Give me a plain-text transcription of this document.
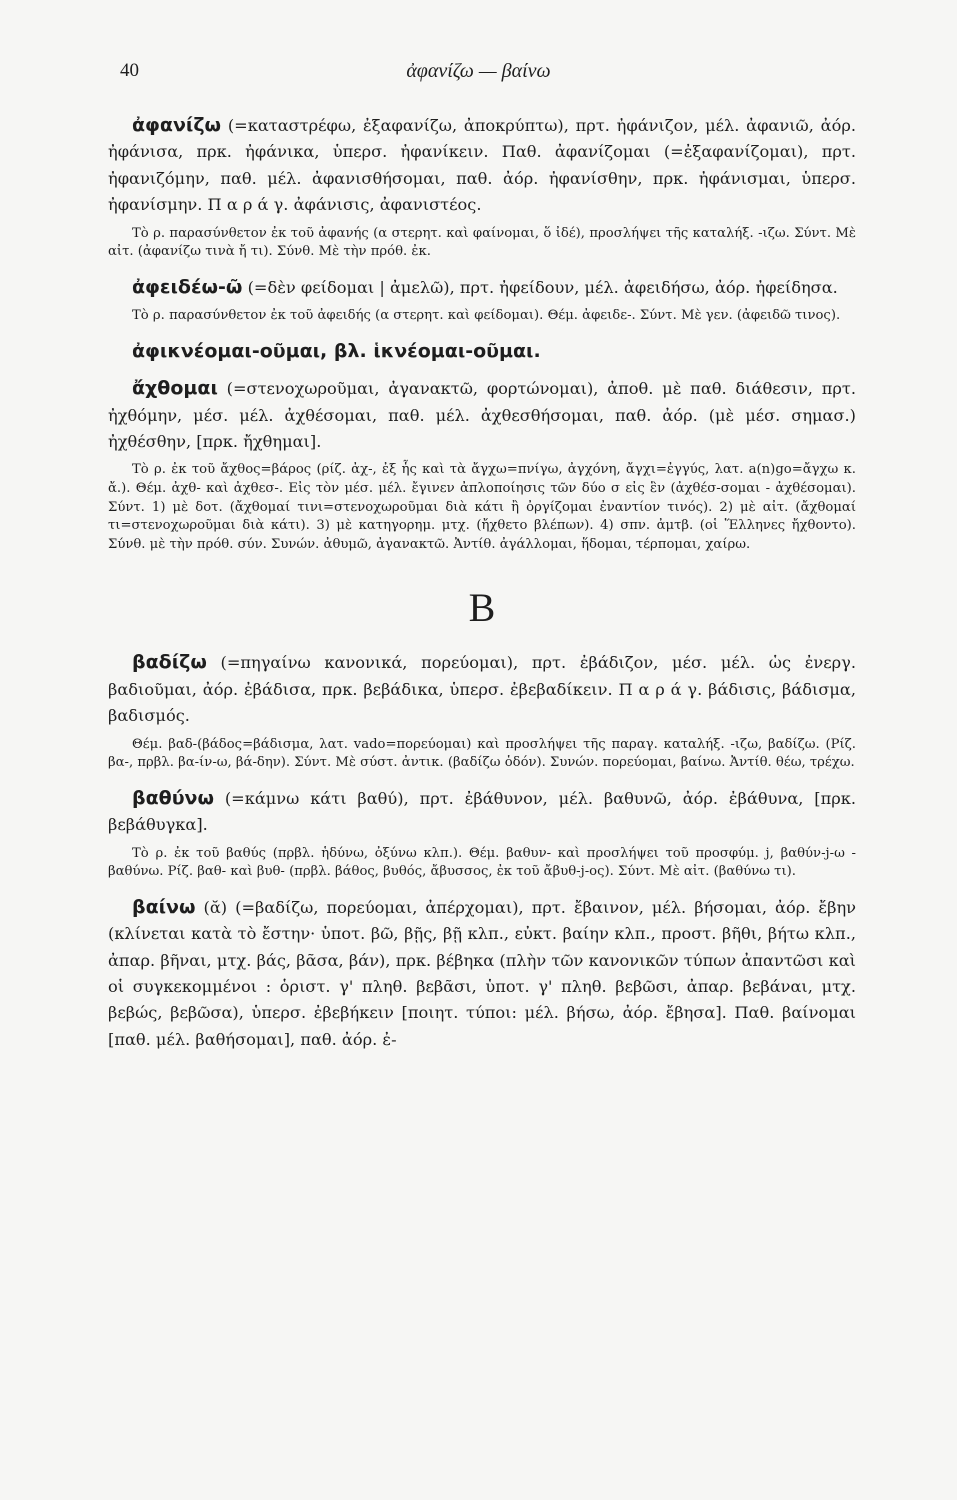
40	ἀφανίζω — βαίνω

ἀφανίζω (=καταστρέφω, ἐξαφανίζω, ἀποκρύπτω), πρτ. ἠφάνιζον, μέλ. ἀφανιῶ, ἀόρ. ἠφάνισα, πρκ. ἠφάνικα, ὑπερσ. ἠφανίκειν. Παθ. ἀφανίζομαι (=ἐξαφανίζομαι), πρτ. ἠφανιζόμην, παθ. μέλ. ἀφανισθήσομαι, παθ. ἀόρ. ἠφανίσθην, πρκ. ἠφάνισμαι, ὑπερσ. ἠφανίσμην. Π α ρ ά γ. ἀφάνισις, ἀφανιστέος.

Τὸ ρ. παρασύνθετον ἐκ τοῦ ἀφανής (α στερητ. καὶ φαίνομαι, ὅ ἰδέ), προσλήψει τῆς καταλήξ. -ιζω. Σύντ. Μὲ αἰτ. (ἀφανίζω τινὰ ἤ τι). Σύνθ. Μὲ τὴν πρόθ. ἐκ.

ἀφειδέω-ῶ (=δὲν φείδομαι | ἀμελῶ), πρτ. ἠφείδουν, μέλ. ἀφειδήσω, ἀόρ. ἠφείδησα.

Τὸ ρ. παρασύνθετον ἐκ τοῦ ἀφειδής (α στερητ. καὶ φείδομαι). Θέμ. ἀφειδε-. Σύντ. Μὲ γεν. (ἀφειδῶ τινος).

ἀφικνέομαι-οῦμαι, βλ. ἱκνέομαι-οῦμαι.

ἄχθομαι (=στενοχωροῦμαι, ἀγανακτῶ, φορτώνομαι), ἀποθ. μὲ παθ. διάθεσιν, πρτ. ἠχθόμην, μέσ. μέλ. ἀχθέσομαι, παθ. μέλ. ἀχθεσθήσομαι, παθ. ἀόρ. (μὲ μέσ. σημασ.) ἠχθέσθην, [πρκ. ἤχθημαι].

Τὸ ρ. ἐκ τοῦ ἄχθος=βάρος (ρίζ. ἀχ-, ἐξ ἧς καὶ τὰ ἄγχω=πνίγω, ἀγχόνη, ἄγχι=ἐγγύς, λατ. a(n)go=ἄγχω κ. ἄ.). Θέμ. ἀχθ- καὶ ἀχθεσ-. Εἰς τὸν μέσ. μέλ. ἔγινεν ἀπλοποίησις τῶν δύο σ εἰς ἓν (ἀχθέσ-σομαι - ἀχθέσομαι). Σύντ. 1) μὲ δοτ. (ἄχθομαί τινι=στενοχωροῦμαι διὰ κάτι ἢ ὀργίζομαι ἐναντίον τινός). 2) μὲ αἰτ. (ἄχθομαί τι=στενοχωροῦμαι διὰ κάτι). 3) μὲ κατηγορημ. μτχ. (ἤχθετο βλέπων). 4) σπν. ἀμτβ. (οἱ Ἕλληνες ἤχθοντο). Σύνθ. μὲ τὴν πρόθ. σύν. Συνών. ἀθυμῶ, ἀγανακτῶ. Ἀντίθ. ἀγάλλομαι, ἥδομαι, τέρπομαι, χαίρω.

B

βαδίζω (=πηγαίνω κανονικά, πορεύομαι), πρτ. ἐβάδιζον, μέσ. μέλ. ὡς ἐνεργ. βαδιοῦμαι, ἀόρ. ἐβάδισα, πρκ. βεβάδικα, ὑπερσ. ἐβεβαδίκειν. Π α ρ ά γ. βάδισις, βάδισμα, βαδισμός.

Θέμ. βαδ-(βάδος=βάδισμα, λατ. vado=πορεύομαι) καὶ προσλήψει τῆς παραγ. καταλήξ. -ιζω, βαδίζω. (Ρίζ. βα-, πρβλ. βα-ίν-ω, βά-δην). Σύντ. Μὲ σύστ. ἀντικ. (βαδίζω ὁδόν). Συνών. πορεύομαι, βαίνω. Ἀντίθ. θέω, τρέχω.

βαθύνω (=κάμνω κάτι βαθύ), πρτ. ἐβάθυνον, μέλ. βαθυνῶ, ἀόρ. ἐβάθυνα, [πρκ. βεβάθυγκα].

Τὸ ρ. ἐκ τοῦ βαθύς (πρβλ. ἡδύνω, ὀξύνω κλπ.). Θέμ. βαθυν- καὶ προσλήψει τοῦ προσφύμ. j, βαθύν-j-ω - βαθύνω. Ρίζ. βαθ- καὶ βυθ- (πρβλ. βάθος, βυθός, ἄβυσσος, ἐκ τοῦ ἄβυθ-j-ος). Σύντ. Μὲ αἰτ. (βαθύνω τι).

βαίνω (ᾰ) (=βαδίζω, πορεύομαι, ἀπέρχομαι), πρτ. ἔβαινον, μέλ. βήσομαι, ἀόρ. ἔβην (κλίνεται κατὰ τὸ ἔστην· ὑποτ. βῶ, βῇς, βῇ κλπ., εὐκτ. βαίην κλπ., προστ. βῆθι, βήτω κλπ., ἀπαρ. βῆναι, μτχ. βάς, βᾶσα, βάν), πρκ. βέβηκα (πλὴν τῶν κανονικῶν τύπων ἀπαντῶσι καὶ οἱ συγκεκομμένοι : ὁριστ. γ' πληθ. βεβᾶσι, ὑποτ. γ' πληθ. βεβῶσι, ἀπαρ. βεβάναι, μτχ. βεβώς, βεβῶσα), ὑπερσ. ἐβεβήκειν [ποιητ. τύποι: μέλ. βήσω, ἀόρ. ἔβησα]. Παθ. βαίνομαι [παθ. μέλ. βαθήσομαι], παθ. ἀόρ. ἐ-
